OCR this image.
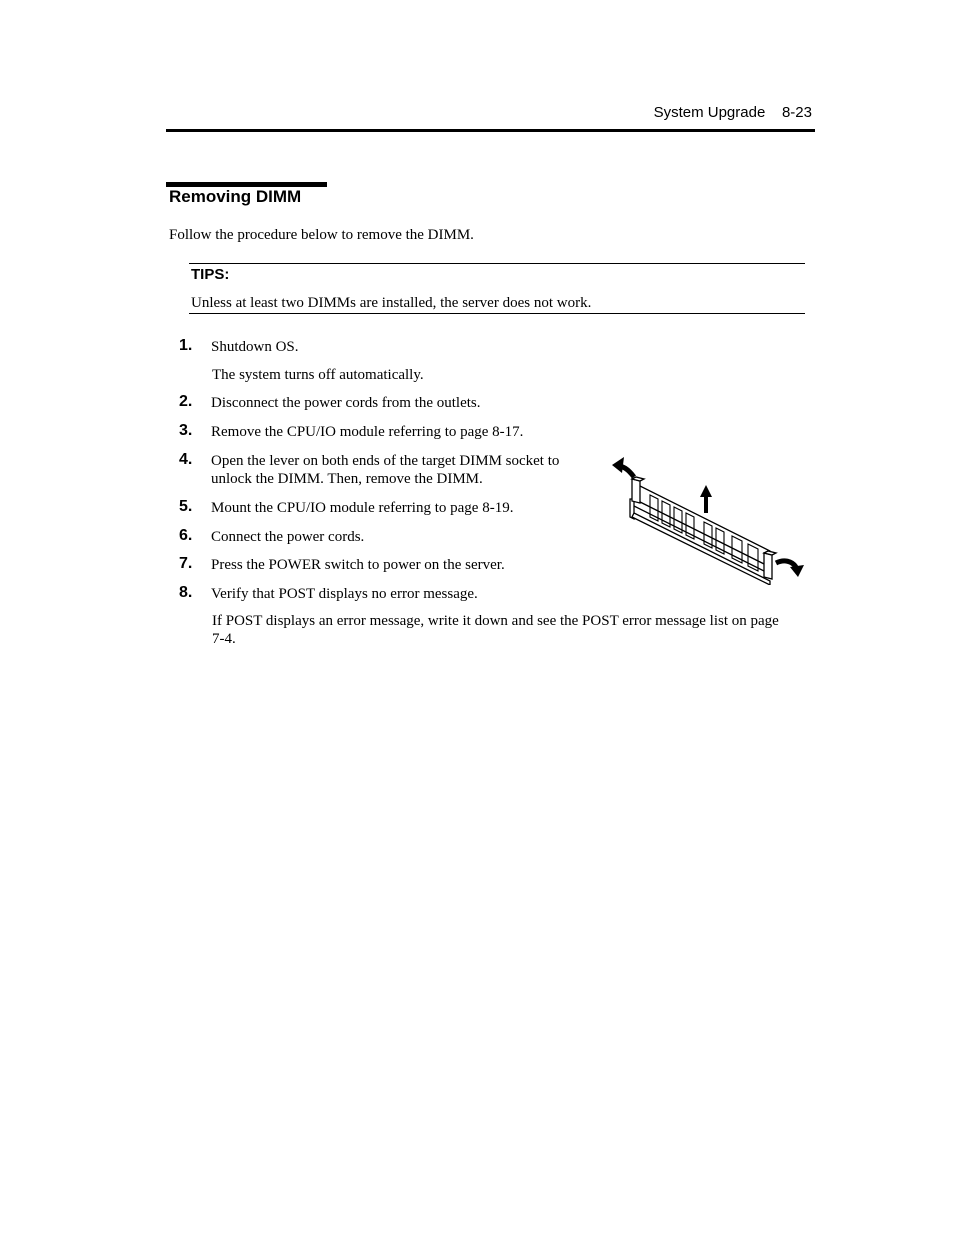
System Upgrade 8-23
Removing DIMM
Follow the procedure below to remove the DIMM.
TIPS:
Unless at least two DIMMs are installed, the server does not work.
1. Shutdown OS.
The system turns off automatically.
2. Disconnect the power cords from the outlets.
3. Remove the CPU/IO module referring to page 8-17.
4. Open the lever on both ends of the target DIMM socket to
unlock the DIMM. Then, remove the DIMM.
5. Mount the CPU/IO module referring to page 8-19.
6. Connect the power cords.
7. Press the POWER switch to power on the server.
8. Verify that POST displays no error message.
If POST displays an error message, write it down and see the POST error message list on page
7-4.
